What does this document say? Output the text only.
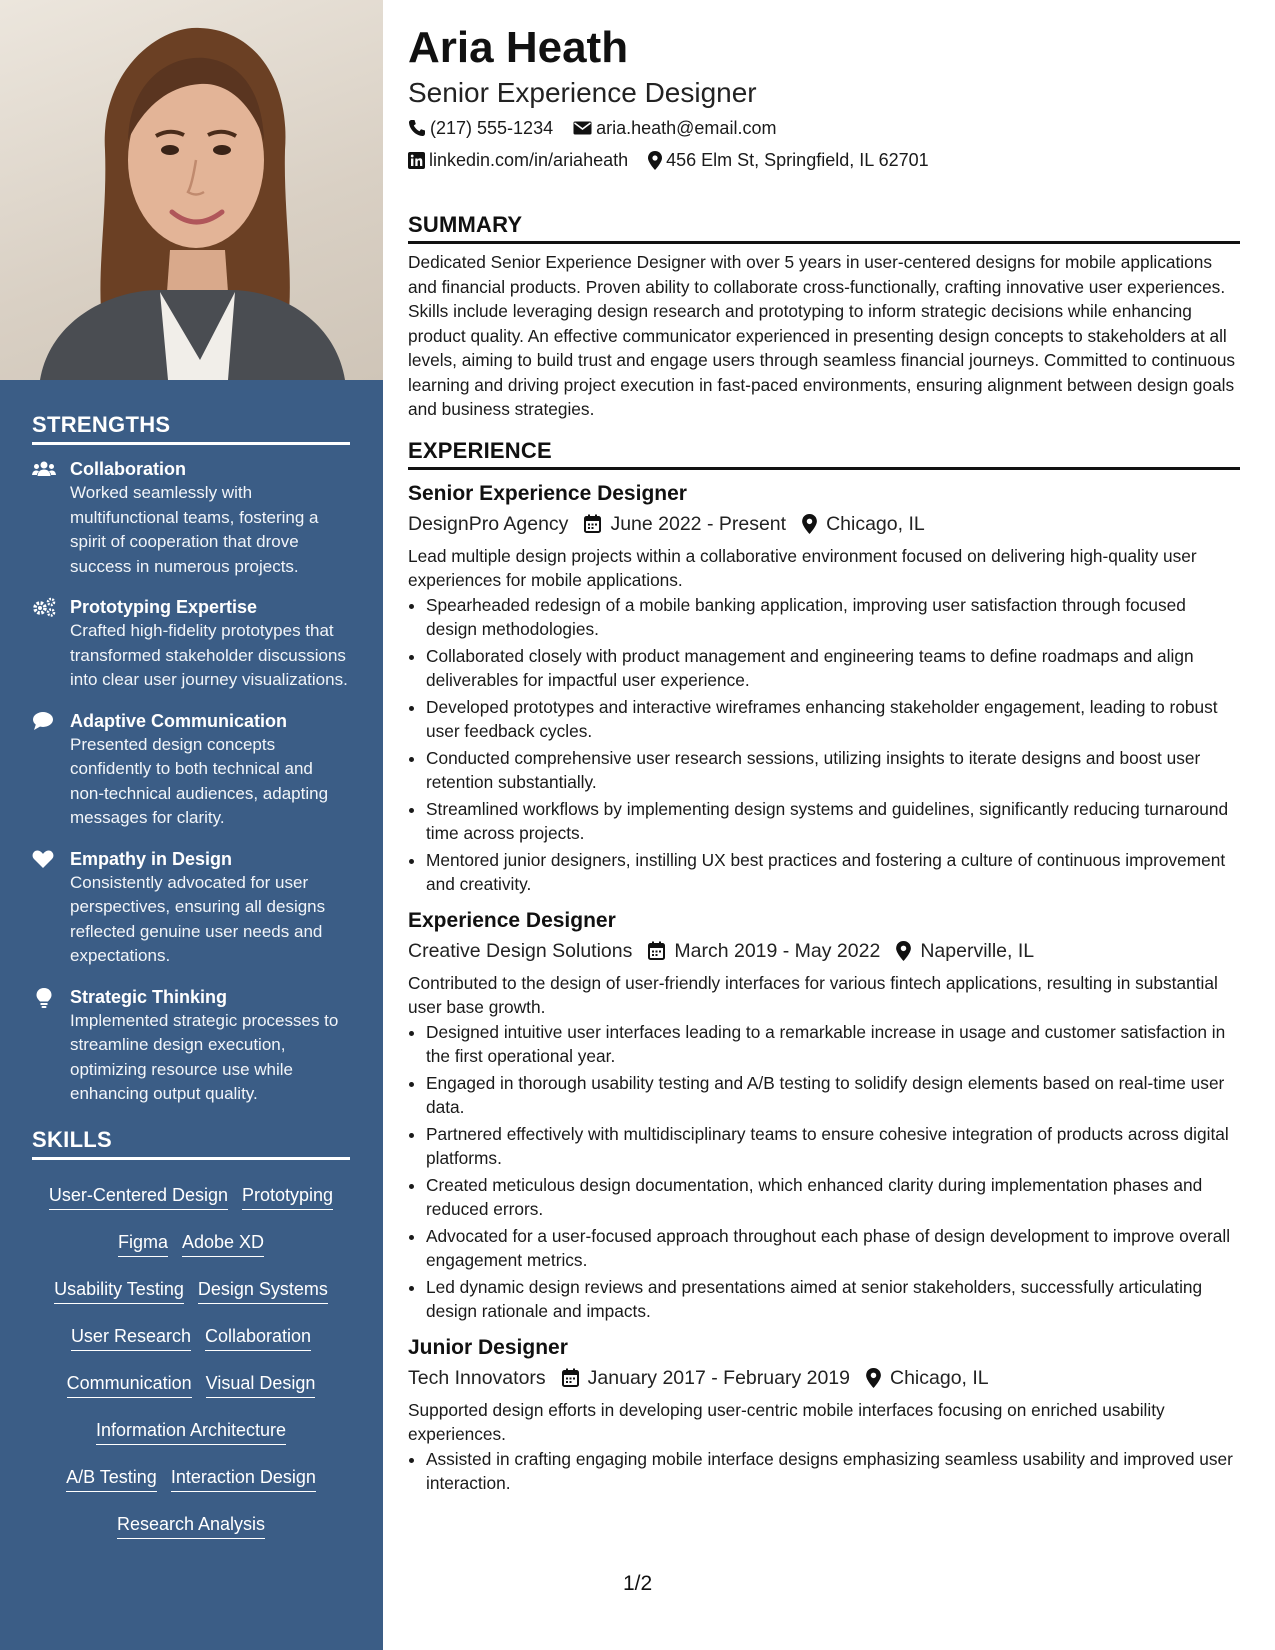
STRENGTHS
Collaboration
Worked seamlessly with multifunctional teams, fostering a spirit of cooperation that drove success in numerous projects.
Prototyping Expertise
Crafted high-fidelity prototypes that transformed stakeholder discussions into clear user journey visualizations.
Adaptive Communication
Presented design concepts confidently to both technical and non-technical audiences, adapting messages for clarity.
Empathy in Design
Consistently advocated for user perspectives, ensuring all designs reflected genuine user needs and expectations.
Strategic Thinking
Implemented strategic processes to streamline design execution, optimizing resource use while enhancing output quality.
SKILLS
User-Centered Design Prototyping
Figma Adobe XD
Usability Testing Design Systems
User Research Collaboration
Communication Visual Design
Information Architecture
A/B Testing Interaction Design
Research Analysis
Aria Heath
Senior Experience Designer
(217) 555-1234 aria.heath@email.com
linkedin.com/in/ariaheath 456 Elm St, Springfield, IL 62701
SUMMARY
Dedicated Senior Experience Designer with over 5 years in user-centered designs for mobile applications and financial products. Proven ability to collaborate cross-functionally, crafting innovative user experiences. Skills include leveraging design research and prototyping to inform strategic decisions while enhancing product quality. An effective communicator experienced in presenting design concepts to stakeholders at all levels, aiming to build trust and engage users through seamless financial journeys. Committed to continuous learning and driving project execution in fast-paced environments, ensuring alignment between design goals and business strategies.
EXPERIENCE
Senior Experience Designer
DesignPro Agency June 2022 - Present Chicago, IL
Lead multiple design projects within a collaborative environment focused on delivering high-quality user experiences for mobile applications.
• Spearheaded redesign of a mobile banking application, improving user satisfaction through focused design methodologies.
• Collaborated closely with product management and engineering teams to define roadmaps and align deliverables for impactful user experience.
• Developed prototypes and interactive wireframes enhancing stakeholder engagement, leading to robust user feedback cycles.
• Conducted comprehensive user research sessions, utilizing insights to iterate designs and boost user retention substantially.
• Streamlined workflows by implementing design systems and guidelines, significantly reducing turnaround time across projects.
• Mentored junior designers, instilling UX best practices and fostering a culture of continuous improvement and creativity.
Experience Designer
Creative Design Solutions March 2019 - May 2022 Naperville, IL
Contributed to the design of user-friendly interfaces for various fintech applications, resulting in substantial user base growth.
• Designed intuitive user interfaces leading to a remarkable increase in usage and customer satisfaction in the first operational year.
• Engaged in thorough usability testing and A/B testing to solidify design elements based on real-time user data.
• Partnered effectively with multidisciplinary teams to ensure cohesive integration of products across digital platforms.
• Created meticulous design documentation, which enhanced clarity during implementation phases and reduced errors.
• Advocated for a user-focused approach throughout each phase of design development to improve overall engagement metrics.
• Led dynamic design reviews and presentations aimed at senior stakeholders, successfully articulating design rationale and impacts.
Junior Designer
Tech Innovators January 2017 - February 2019 Chicago, IL
Supported design efforts in developing user-centric mobile interfaces focusing on enriched usability experiences.
• Assisted in crafting engaging mobile interface designs emphasizing seamless usability and improved user interaction.
1/2
